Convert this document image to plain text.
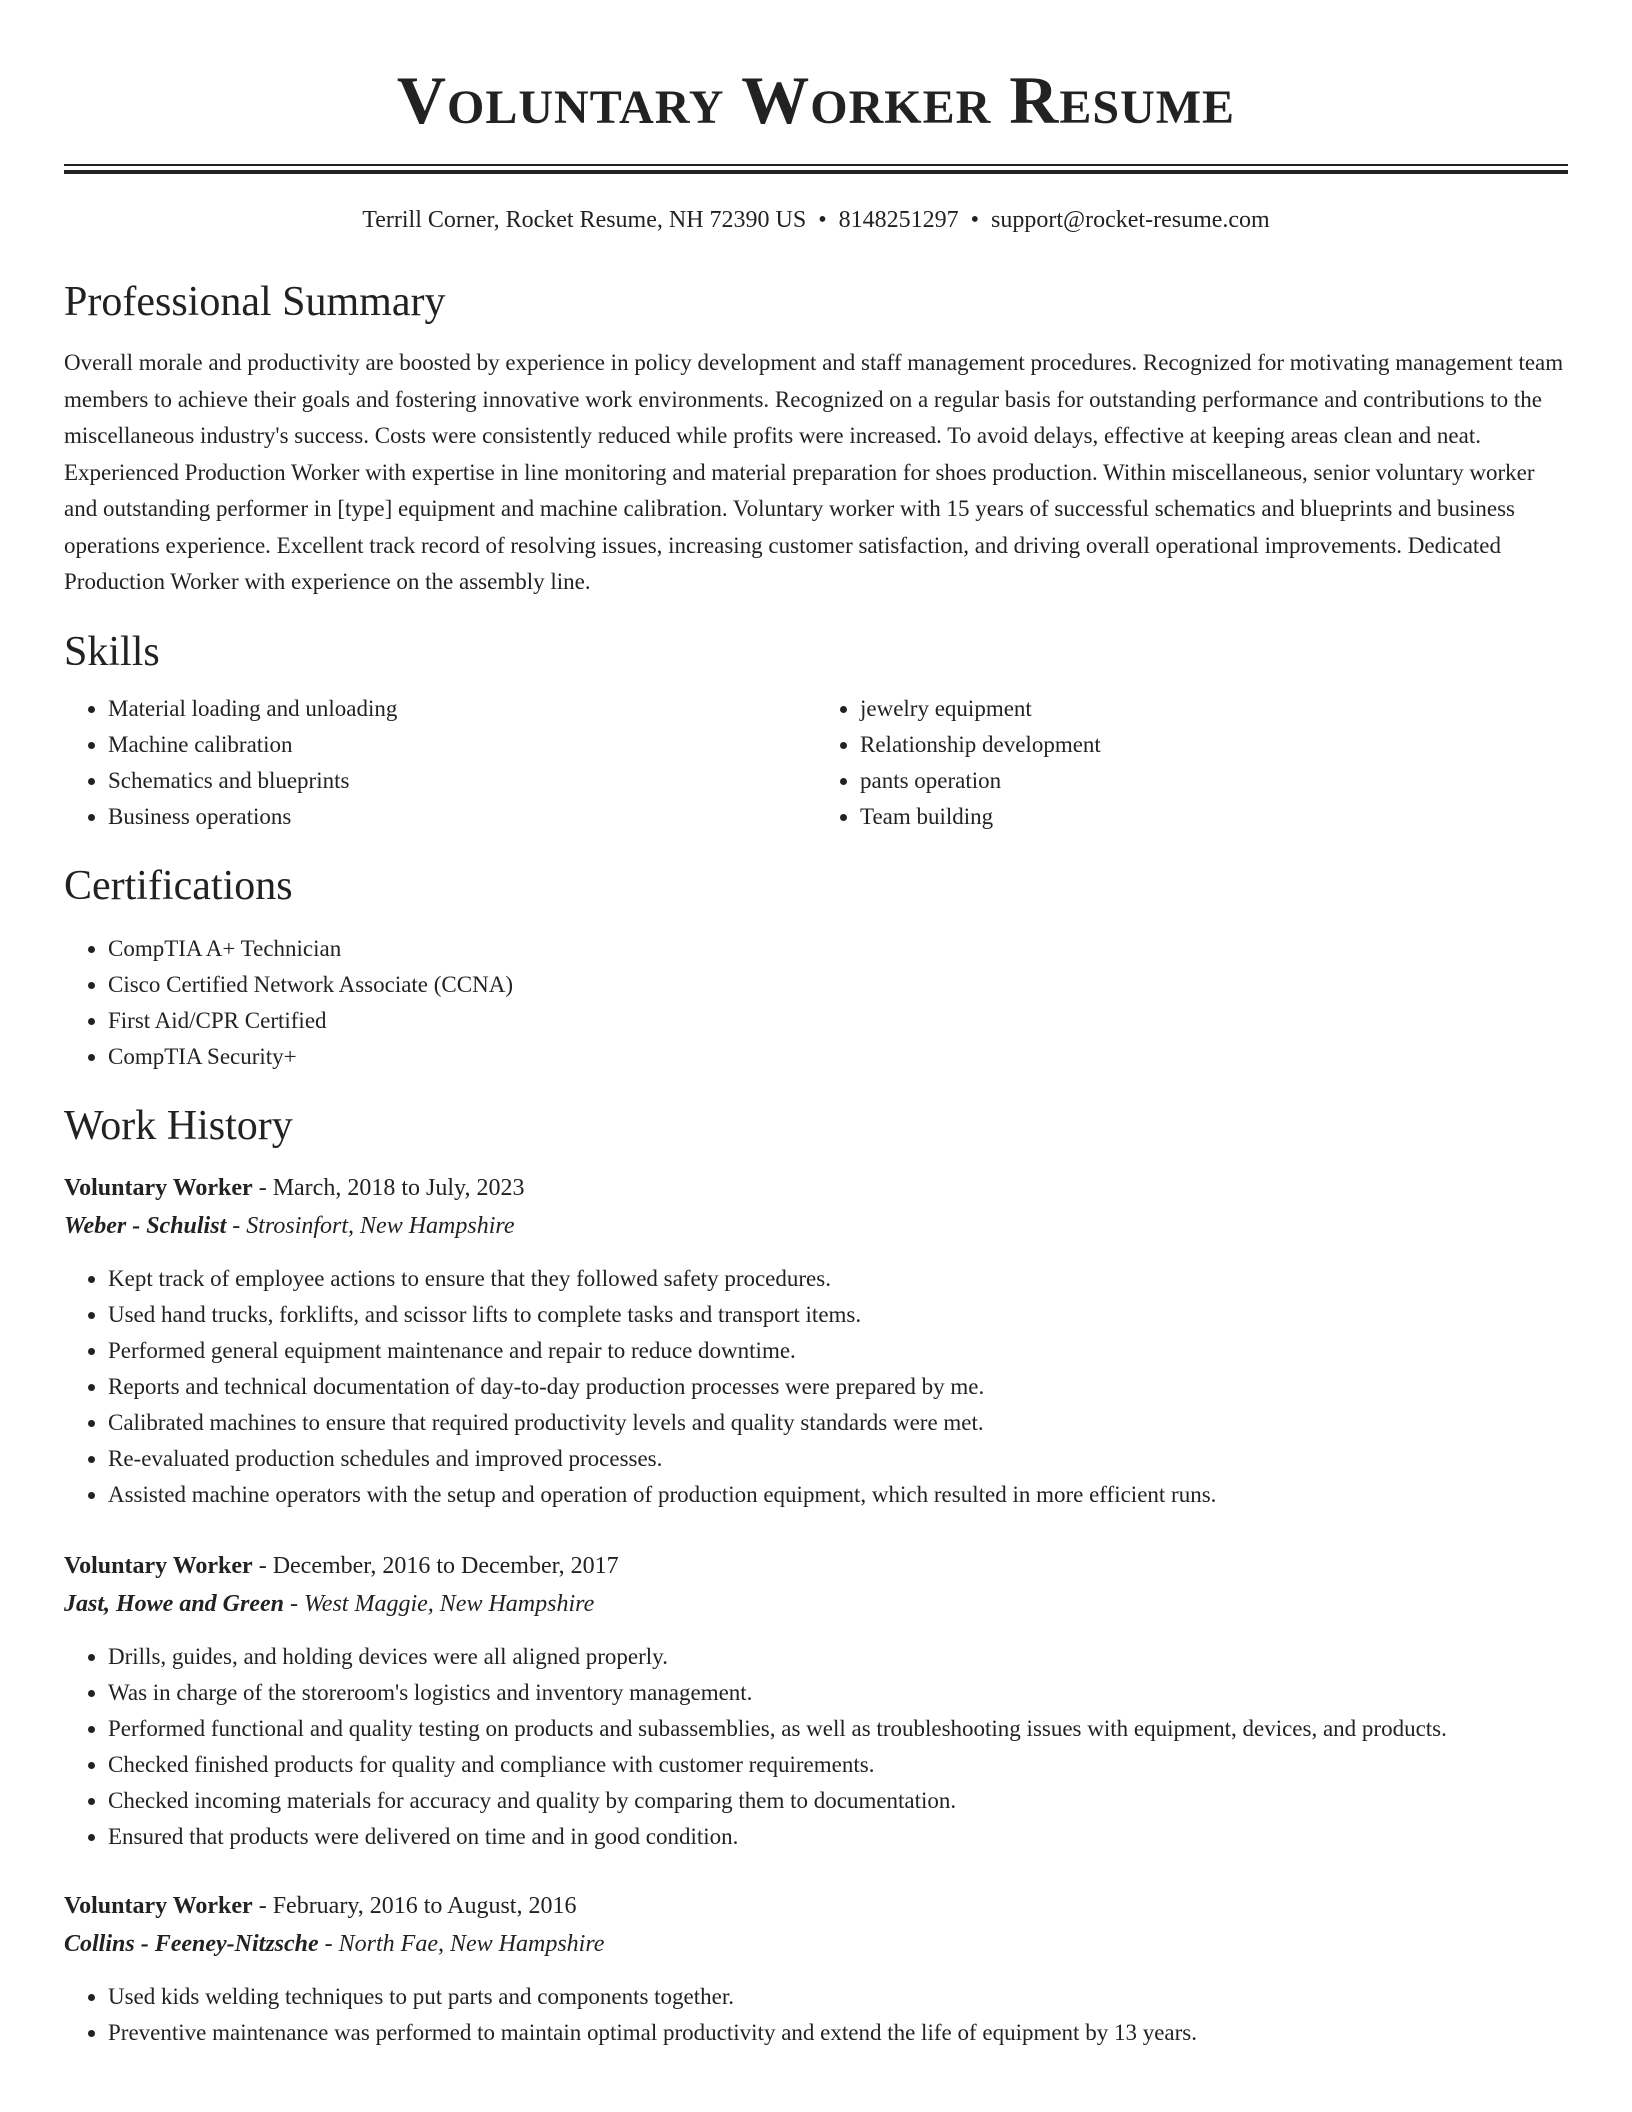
Voluntary Worker Resume
Terrill Corner, Rocket Resume, NH 72390 US • 8148251297 • support@rocket-resume.com
Professional Summary
Overall morale and productivity are boosted by experience in policy development and staff management procedures. Recognized for motivating management team members to achieve their goals and fostering innovative work environments. Recognized on a regular basis for outstanding performance and contributions to the miscellaneous industry's success. Costs were consistently reduced while profits were increased. To avoid delays, effective at keeping areas clean and neat. Experienced Production Worker with expertise in line monitoring and material preparation for shoes production. Within miscellaneous, senior voluntary worker and outstanding performer in [type] equipment and machine calibration. Voluntary worker with 15 years of successful schematics and blueprints and business operations experience. Excellent track record of resolving issues, increasing customer satisfaction, and driving overall operational improvements. Dedicated Production Worker with experience on the assembly line.
Skills
• Material loading and unloading
• Machine calibration
• Schematics and blueprints
• Business operations
• jewelry equipment
• Relationship development
• pants operation
• Team building
Certifications
• CompTIA A+ Technician
• Cisco Certified Network Associate (CCNA)
• First Aid/CPR Certified
• CompTIA Security+
Work History
Voluntary Worker - March, 2018 to July, 2023
Weber - Schulist - Strosinfort, New Hampshire
• Kept track of employee actions to ensure that they followed safety procedures.
• Used hand trucks, forklifts, and scissor lifts to complete tasks and transport items.
• Performed general equipment maintenance and repair to reduce downtime.
• Reports and technical documentation of day-to-day production processes were prepared by me.
• Calibrated machines to ensure that required productivity levels and quality standards were met.
• Re-evaluated production schedules and improved processes.
• Assisted machine operators with the setup and operation of production equipment, which resulted in more efficient runs.
Voluntary Worker - December, 2016 to December, 2017
Jast, Howe and Green - West Maggie, New Hampshire
• Drills, guides, and holding devices were all aligned properly.
• Was in charge of the storeroom's logistics and inventory management.
• Performed functional and quality testing on products and subassemblies, as well as troubleshooting issues with equipment, devices, and products.
• Checked finished products for quality and compliance with customer requirements.
• Checked incoming materials for accuracy and quality by comparing them to documentation.
• Ensured that products were delivered on time and in good condition.
Voluntary Worker - February, 2016 to August, 2016
Collins - Feeney-Nitzsche - North Fae, New Hampshire
• Used kids welding techniques to put parts and components together.
• Preventive maintenance was performed to maintain optimal productivity and extend the life of equipment by 13 years.
